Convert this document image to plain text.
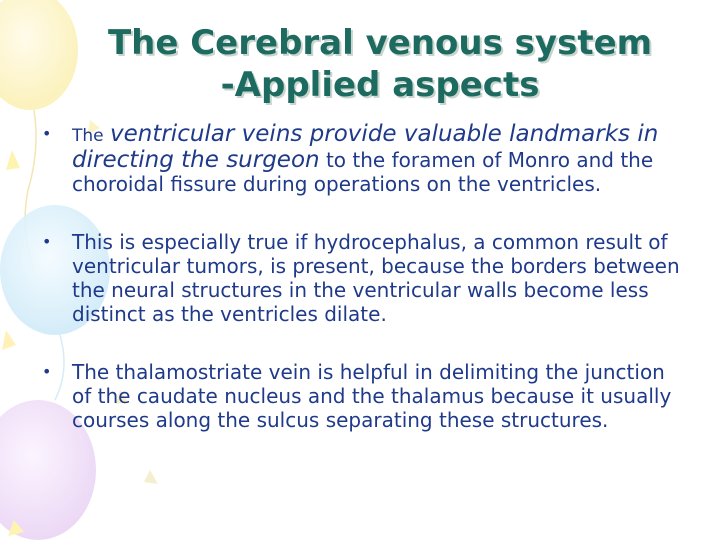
The Cerebral venous system
-Applied aspects
• The ventricular veins provide valuable landmarks in directing the surgeon to the foramen of Monro and the choroidal fissure during operations on the ventricles.
• This is especially true if hydrocephalus, a common result of ventricular tumors, is present, because the borders between the neural structures in the ventricular walls become less distinct as the ventricles dilate.
• The thalamostriate vein is helpful in delimiting the junction of the caudate nucleus and the thalamus because it usually courses along the sulcus separating these structures.
